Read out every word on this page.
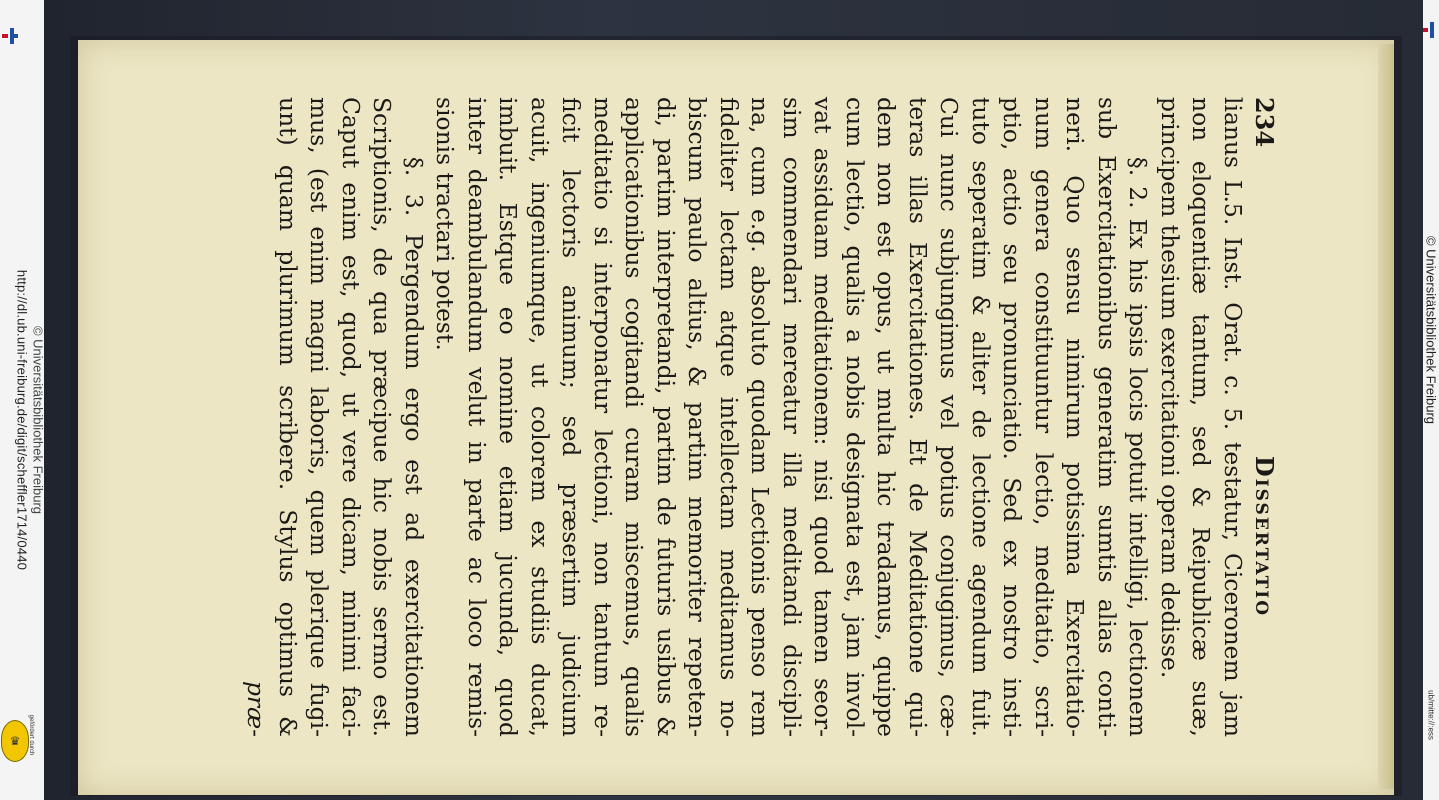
234
Dissertatio
lianus L.5. Inst. Orat. c. 5. testatur, Ciceronem jam
non eloquentiæ tantum, sed & Reipublicæ suæ,
principem thesium exercitationi operam dedisse.
§. 2. Ex his ipsis locis potuit intelligi, lectionem
sub Exercitationibus generatim sumtis alias conti-
neri. Quo sensu nimirum potissima Exercitatio-
num genera constituuntur lectio, meditatio, scri-
ptio, actio seu pronunciatio. Sed ex nostro insti-
tuto seperatim & aliter de lectione agendum fuit.
Cui nunc subjungimus vel potius conjugimus, cæ-
teras illas Exercitationes. Et de Meditatione qui-
dem non est opus, ut multa hic tradamus, quippe
cum lectio, qualis a nobis designata est, jam invol-
vat assiduam meditationem: nisi quod tamen seor-
sim commendari mereatur illa meditandi discipli-
na, cum e.g. absoluto quodam Lectionis penso rem
fideliter lectam atque intellectam meditamus no-
biscum paulo altius, & partim memoriter repeten-
di, partim interpretandi, partim de futuris usibus &
applicationibus cogitandi curam miscemus, qualis
meditatio si interponatur lectioni, non tantum re-
ficit lectoris animum; sed præsertim judicium
acuit, ingeniumque, ut colorem ex studiis ducat,
imbuit. Estque eo nomine etiam jucunda, quod
inter deambulandum velut in parte ac loco remis-
sionis tractari potest.
§. 3. Pergendum ergo est ad exercitationem
Scriptionis, de qua præcipue hic nobis sermo est.
Caput enim est, quod, ut vere dicam, minimi faci-
mus, (est enim magni laboris, quem plerique fugi-
unt) quam plurimum scribere. Stylus optimus &
præ-
♛
http://dl.ub.uni-freiburg.de/digit/scheffler1714/0440 © Universitätsbibliothek Freiburg
gefördert durch
© Universitätsbibliothek Freiburg
ub/mitte://:ess
